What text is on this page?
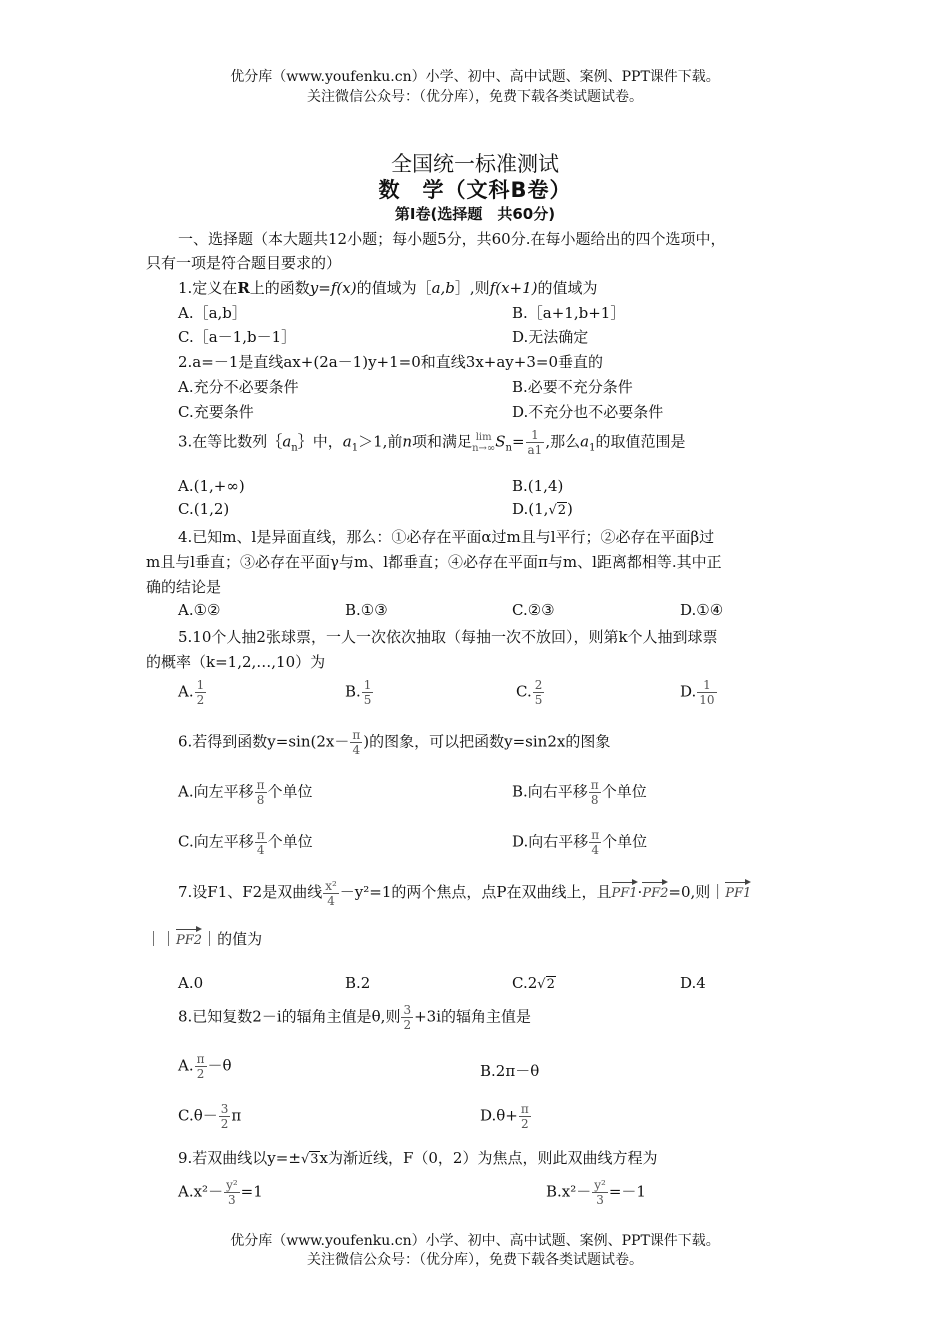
优分库（www.youfenku.cn）小学、初中、高中试题、案例、PPT课件下载。
关注微信公众号：（优分库），免费下载各类试题试卷。
全国统一标准测试
数　学（文科B卷）
第Ⅰ卷(选择题　共60分)
一、选择题（本大题共12小题；每小题5分，共60分.在每小题给出的四个选项中，
只有一项是符合题目要求的）
1.定义在R上的函数y=f(x)的值域为［a,b］,则f(x+1)的值域为
A.［a,b］	B.［a+1,b+1］
C.［a－1,b－1］	D.无法确定
2.a=－1是直线ax+(2a－1)y+1=0和直线3x+ay+3=0垂直的
A.充分不必要条件	B.必要不充分条件
C.充要条件	D.不充分也不必要条件
3.在等比数列$\{a_n\}$中，$a_1>1$,前n项和满足 lim
n→∞ $S_n= \frac{1}{a1}$ ,那么$a_1$的取值范围是
A.(1,+∞)	B.(1,4)
C.(1,2)	D.(1,√2)
4.已知m、l是异面直线，那么：①必存在平面α过m且与l平行；②必存在平面β过
m且与l垂直；③必存在平面γ与m、l都垂直；④必存在平面π与m、l距离都相等.其中正
确的结论是
A.①②	B.①③	C.②③	D.①④
5.10个人抽2张球票，一人一次依次抽取（每抽一次不放回），则第k个人抽到球票
的概率（k=1,2,…,10）为
A. $\frac{1}{2}$	B. $\frac{1}{5}$	C. $\frac{2}{5}$	D. $\frac{1}{10}$
6.若得到函数$y=\sin(2x- \frac{\pi}{4}$ )的图象，可以把函数y=sin2x的图象
A.向左平移 $\frac{\pi}{8}$ 个单位	B.向右平移 $\frac{\pi}{8}$ 个单位
C.向左平移 $\frac{\pi}{4}$ 个单位	D.向右平移 $\frac{\pi}{4}$ 个单位
7.设F1、F2是双曲线 $\frac{\text{x²}}{4} -y^2=1$的两个焦点，点P在双曲线上，且PF1·PF2=0,则｜PF1
｜｜PF2｜的值为
A.0	B.2	C.2√2	D.4
8.已知复数2－i的辐角主值是θ,则 $\frac{3}{2} +3i$的辐角主值是
A. $\frac{\pi}{2} -\theta$	B.2π－θ
$C.\theta- \frac{3}{2}$ π	$D.\theta+ \frac{\pi}{2}$
9.若双曲线以y=±√3x为渐近线，F（0，2）为焦点，则此双曲线方程为
$A.x^2- \frac{\text{y²}}{3} =1$	$B.x^2- \frac{\text{y²}}{3} =-1$
优分库（www.youfenku.cn）小学、初中、高中试题、案例、PPT课件下载。
关注微信公众号：（优分库），免费下载各类试题试卷。
